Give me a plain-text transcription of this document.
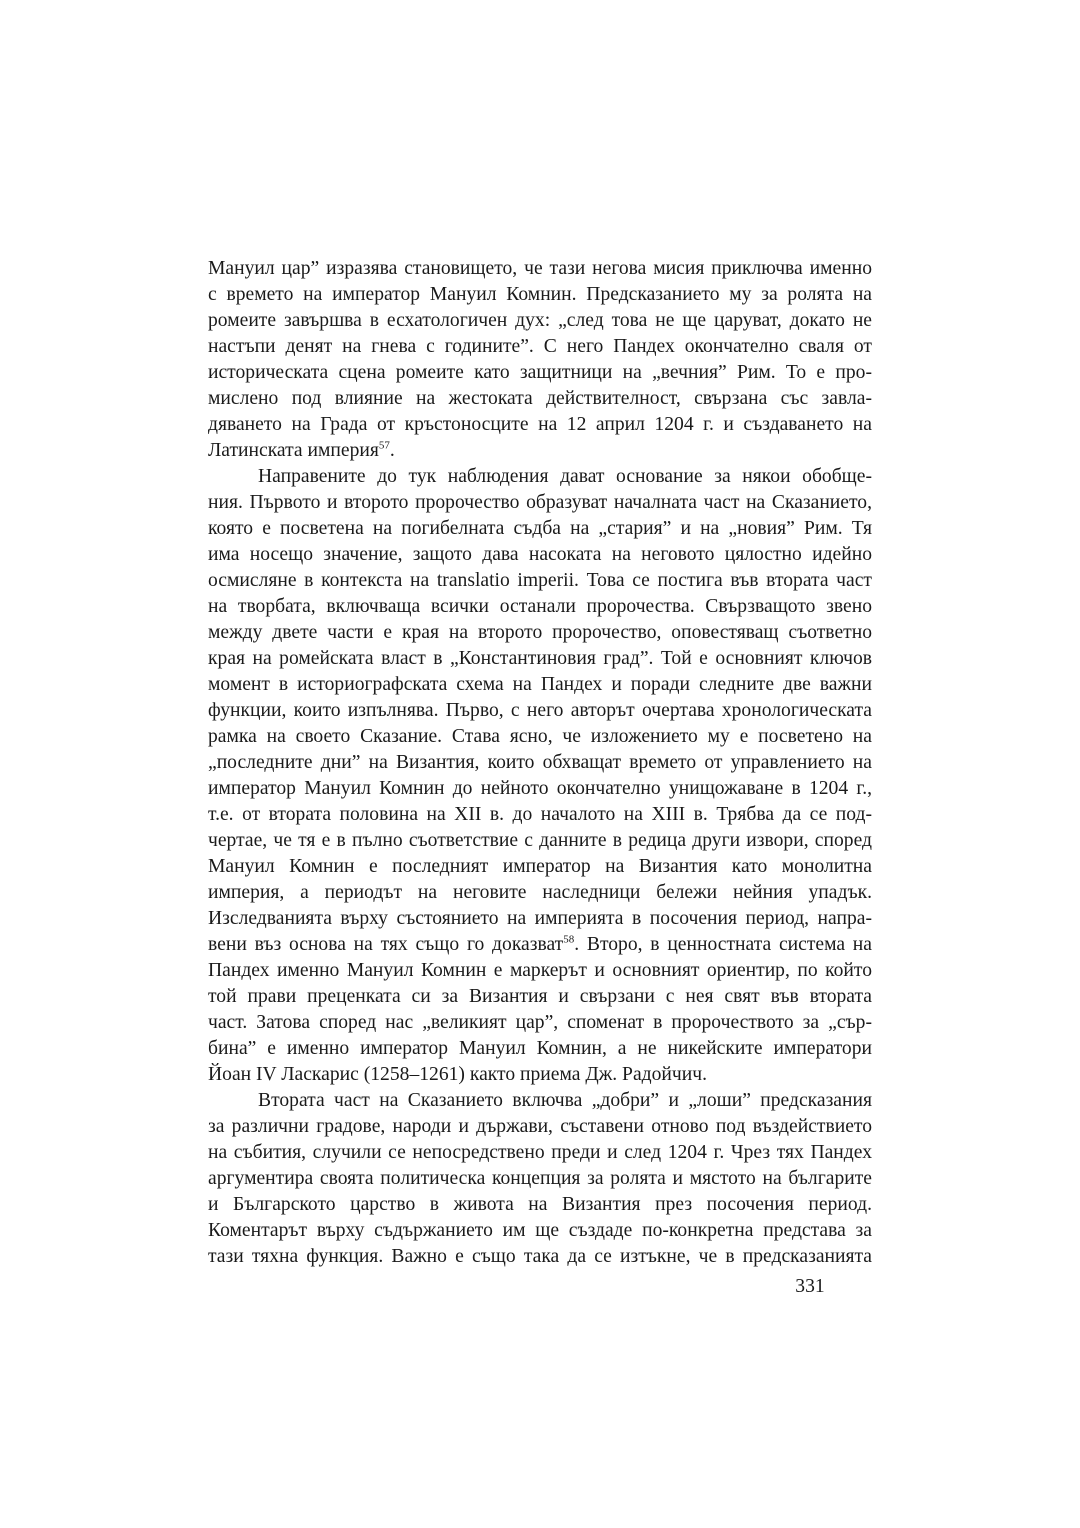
Мануил цар” изразява становището, че тази негова мисия приключва именно
с времето на император Мануил Комнин. Предсказанието му за ролята на
ромеите завършва в есхатологичен дух: „след това не ще царуват, докато не
настъпи денят на гнева с годините”. С него Пандех окончателно сваля от
историческата сцена ромеите като защитници на „вечния” Рим. То е про-
мислено под влияние на жестоката действителност, свързана със завла-
дяването на Града от кръстоносците на 12 април 1204 г. и създаването на
Латинската империя$^{57}$.

Направените до тук наблюдения дават основание за някои обобще-
ния. Първото и второто пророчество образуват началната част на Сказанието,
която е посветена на погибелната съдба на „стария” и на „новия” Рим. Тя
има носещо значение, защото дава насоката на неговото цялостно идейно
осмисляне в контекста на translatio imperii. Това се постига във втората част
на творбата, включваща всички останали пророчества. Свързващото звено
между двете части е края на второто пророчество, оповестяващ съответно
края на ромейската власт в „Константиновия град”. Той е основният ключов
момент в историографската схема на Пандех и поради следните две важни
функции, които изпълнява. Първо, с него авторът очертава хронологическата
рамка на своето Сказание. Става ясно, че изложението му е посветено на
„последните дни” на Византия, които обхващат времето от управлението на
император Мануил Комнин до нейното окончателно унищожаване в 1204 г.,
т.е. от втората половина на XII в. до началото на XIII в. Трябва да се под-
чертае, че тя е в пълно съответствие с данните в редица други извори, според
Мануил Комнин е последният император на Византия като монолитна
империя, а периодът на неговите наследници бележи нейния упадък.
Изследванията върху състоянието на империята в посочения период, напра-
вени въз основа на тях също го доказват$^{58}$. Второ, в ценностната система на
Пандех именно Мануил Комнин е маркерът и основният ориентир, по който
той прави преценката си за Византия и свързани с нея свят във втората
част. Затова според нас „великият цар”, споменат в пророчеството за „сър-
бина” е именно император Мануил Комнин, а не никейските императори
Йоан IV Ласкарис (1258–1261) както приема Дж. Радойчич.

Втората част на Сказанието включва „добри” и „лоши” предсказания
за различни градове, народи и държави, съставени отново под въздействието
на събития, случили се непосредствено преди и след 1204 г. Чрез тях Пандех
аргументира своята политическа концепция за ролята и мястото на българите
и Българското царство в живота на Византия през посочения период.
Коментарът върху съдържанието им ще създаде по-конкретна представа за
тази тяхна функция. Важно е също така да се изтъкне, че в предсказанията

331
